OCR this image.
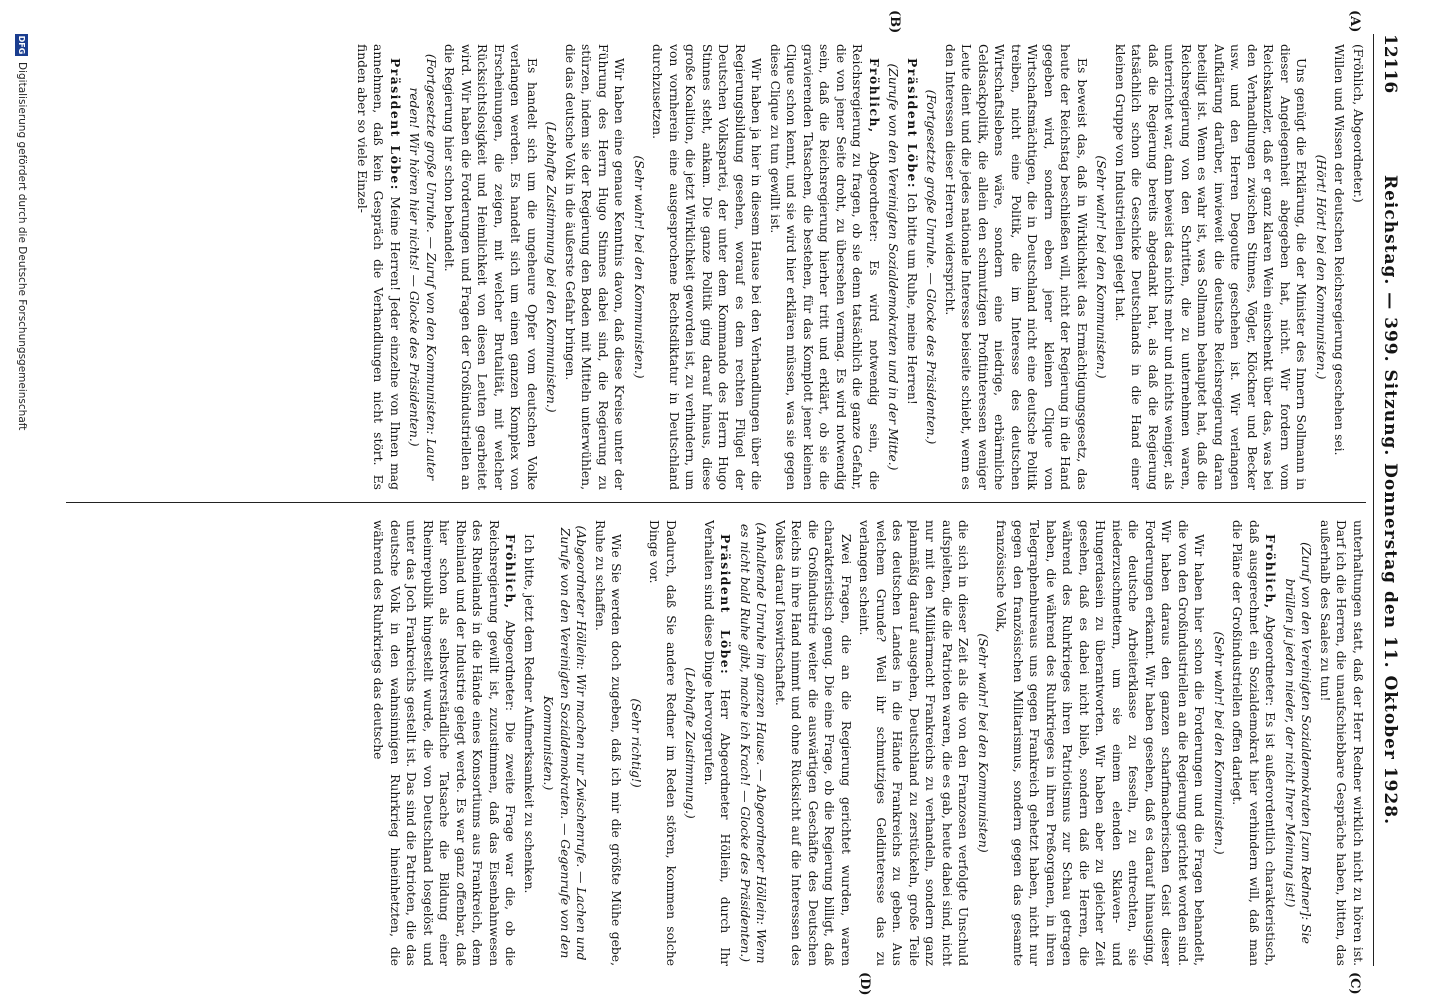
12116
Reichstag. — 399. Sitzung. Donnerstag den 11. Oktober 1928.
(A)
(B)
(C)
(D)

(Fröhlich, Abgeordneter.)

Willen und Wissen der deutschen Reichsregierung geschehen sei.

(Hört! Hört! bei den Kommunisten.)

Uns genügt die Erklärung, die der Minister des Innern Sollmann in dieser Angelegenheit abgegeben hat, nicht. Wir fordern vom Reichskanzler, daß er ganz klaren Wein einschenkt über das, was bei den Verhandlungen zwischen Stinnes, Vögler, Klöckner und Becker usw. und den Herren Degoutte geschehen ist. Wir verlangen Aufklärung darüber, inwieweit die deutsche Reichsregierung daran beteiligt ist. Wenn es wahr ist, was Sollmann behauptet hat, daß die Reichsregierung von den Schritten, die zu unternehmen waren, unterrichtet war, dann beweist das nichts mehr und nichts weniger, als daß die Regierung bereits abgedankt hat, als daß die Regierung tatsächlich schon die Geschicke Deutschlands in die Hand einer kleinen Gruppe von Industriellen gelegt hat.

(Sehr wahr! bei den Kommunisten.)

Es beweist das, daß in Wirklichkeit das Ermächtigungsgesetz, das heute der Reichstag beschließen will, nicht der Regierung in die Hand gegeben wird, sondern eben jener kleinen Clique von Wirtschaftsmächtigen, die in Deutschland nicht eine deutsche Politik treiben, nicht eine Politik, die im Interesse des deutschen Wirtschaftslebens wäre, sondern eine niedrige, erbärmliche Geldsackpolitik, die allein den schmutzigen Profitinteressen weniger Leute dient und die jedes nationale Interesse beiseite schiebt, wenn es den Interessen dieser Herren widerspricht.

(Fortgesetzte große Unruhe. — Glocke des Präsidenten.)

Präsident Löbe: Ich bitte um Ruhe, meine Herren!

(Zurufe von den Vereinigten Sozialdemokraten und in der Mitte.)

Fröhlich, Abgeordneter: Es wird notwendig sein, die Reichsregierung zu fragen, ob sie denn tatsächlich die ganze Gefahr, die von jener Seite droht, zu übersehen vermag. Es wird notwendig sein, daß die Reichsregierung hierher tritt und erklärt, ob sie die gravierenden Tatsachen, die bestehen, für das Komplott jener kleinen Clique schon kennt, und sie wird hier erklären müssen, was sie gegen diese Clique zu tun gewillt ist.

Wir haben ja hier in diesem Hause bei den Verhandlungen über die Regierungsbildung gesehen, worauf es dem rechten Flügel der Deutschen Volkspartei, der unter dem Kommando des Herrn Hugo Stinnes steht, ankam. Die ganze Politik ging darauf hinaus, diese große Koalition, die jetzt Wirklichkeit geworden ist, zu verhindern, um von vornherein eine ausgesprochene Rechtsdiktatur in Deutschland durchzusetzen.

(Sehr wahr! bei den Kommunisten.)

Wir haben eine genaue Kenntnis davon, daß diese Kreise unter der Führung des Herrn Hugo Stinnes dabei sind, die Regierung zu stürzen, indem sie der Regierung den Boden mit Mitteln unterwühlen, die das deutsche Volk in die äußerste Gefahr bringen.

(Lebhafte Zustimmung bei den Kommunisten.)

Es handelt sich um die ungeheure Opfer vom deutschen Volke verlangen werden. Es handelt sich um einen ganzen Komplex von Erscheinungen, die zeigen, mit welcher Brutalität, mit welcher Rücksichtslosigkeit und Heimlichkeit von diesen Leuten gearbeitet wird. Wir haben die Forderungen und Fragen der Großindustriellen an die Regierung hier schon behandelt.

(Fortgesetzte große Unruhe. — Zuruf von den Kommunisten: Lauter reden! Wir hören hier nichts! — Glocke des Präsidenten.)

Präsident Löbe: Meine Herren! Jeder einzelne von Ihnen mag annehmen, daß kein Gespräch die Verhandlungen nicht stört. Es finden aber so viele Einzel-

unterhaltungen statt, daß der Herr Redner wirklich nicht zu hören ist. Darf ich die Herren, die unaufschiebbare Gespräche haben, bitten, das außerhalb des Saales zu tun!

(Zuruf von den Vereinigten Sozialdemokraten [zum Redner]: Sie brüllen ja jeden nieder, der nicht Ihrer Meinung ist!)

Fröhlich, Abgeordneter: Es ist außerordentlich charakteristisch, daß ausgerechnet ein Sozialdemokrat hier verhindern will, daß man die Pläne der Großindustriellen offen darlegt.

(Sehr wahr! bei den Kommunisten.)

Wir haben hier schon die Forderungen und die Fragen behandelt, die von den Großindustriellen an die Regierung gerichtet worden sind. Wir haben daraus den ganzen scharfmacherischen Geist dieser Forderungen erkannt. Wir haben gesehen, daß es darauf hinausging, die deutsche Arbeiterklasse zu fesseln, zu entrechten, sie niederzuschmettern, um sie einem elenden Sklaven- und Hungerdasein zu überantworten. Wir haben aber zu gleicher Zeit gesehen, daß es dabei nicht blieb, sondern daß die Herren, die während des Ruhrkrieges ihren Patriotismus zur Schau getragen haben, die während des Ruhrkrieges in ihren Preßorganen, in ihren Telegraphenbureaus uns gegen Frankreich gehetzt haben, nicht nur gegen den französischen Militarismus, sondern gegen das gesamte französische Volk,

(Sehr wahr! bei den Kommunisten)

die sich in dieser Zeit als die von den Franzosen verfolgte Unschuld aufspielten, die die Patrioten waren, die es gab, heute dabei sind, nicht nur mit den Militärmacht Frankreichs zu verhandeln, sondern ganz planmäßig darauf ausgehen, Deutschland zu zerstückeln, große Teile des deutschen Landes in die Hände Frankreichs zu geben. Aus welchem Grunde? Weil ihr schmutziges Geldinteresse das zu verlangen scheint.

Zwei Fragen, die an die Regierung gerichtet wurden, waren charakteristisch genug. Die eine Frage, ob die Regierung billigt, daß die Großindustrie weiter die auswärtigen Geschäfte des Deutschen Reichs in ihre Hand nimmt und ohne Rücksicht auf die Interessen des Volkes darauf loswirtschaftet.

(Anhaltende Unruhe im ganzen Hause. — Abgeordneter Höllein: Wenn es nicht bald Ruhe gibt, mache ich Krach! — Glocke des Präsidenten.)

Präsident Löbe: Herr Abgeordneter Höllein, durch Ihr Verhalten sind diese Dinge hervorgerufen.

(Lebhafte Zustimmung.)

Dadurch, daß Sie andere Redner im Reden stören, kommen solche Dinge vor.

(Sehr richtig!)

Wie Sie werden doch zugeben, daß ich mir die größte Mühe gebe, Ruhe zu schaffen.

(Abgeordneter Höllein: Wir machen nur Zwischenrufe. — Lachen und Zurufe von den Vereinigten Sozialdemokraten. — Gegenrufe von den Kommunisten.)

Ich bitte, jetzt dem Redner Aufmerksamkeit zu schenken.

Fröhlich, Abgeordneter: Die zweite Frage war die, ob die Reichsregierung gewillt ist, zuzustimmen, daß das Eisenbahnwesen des Rheinlands in die Hände eines Konsortiums aus Frankreich, dem Rheinland und der Industrie gelegt werde. Es war ganz offenbar, daß hier schon als selbstverständliche Tatsache die Bildung einer Rheinrepublik hingestellt wurde, die von Deutschland losgelöst und unter das Joch Frankreichs gestellt ist. Das sind die Patrioten, die das deutsche Volk in den wahnsinnigen Ruhrkrieg hineinhetzten, die während des Ruhrkriegs das deutsche

DFG
Digitalisierung gefördert durch die Deutsche Forschungsgemeinschaft
